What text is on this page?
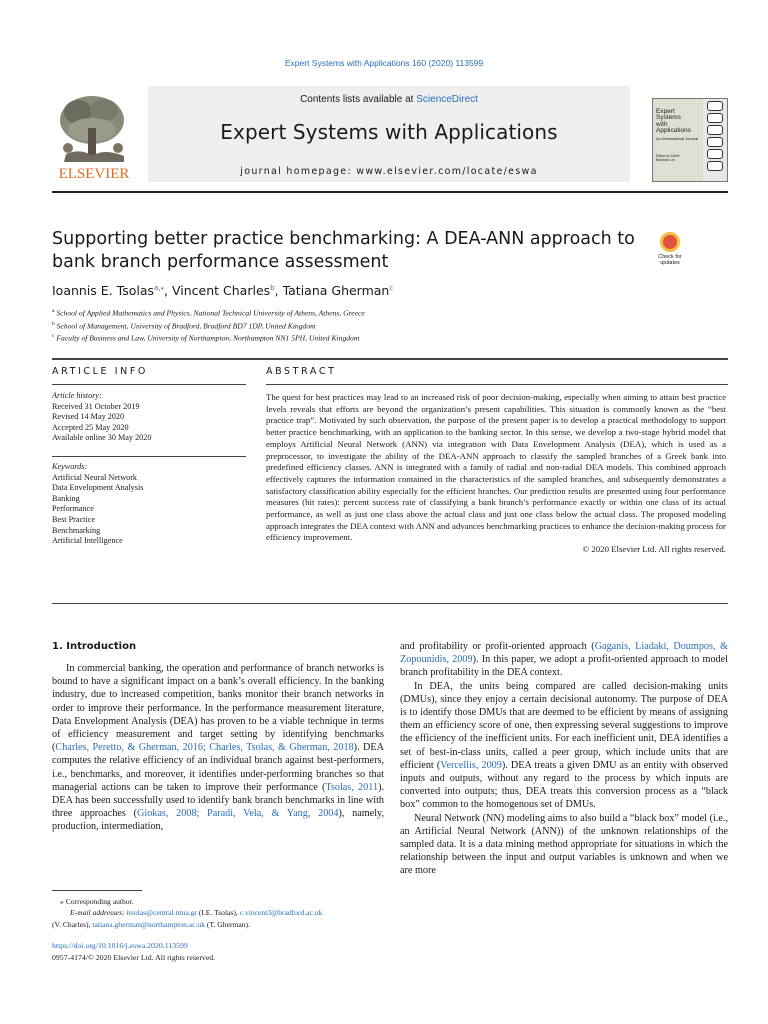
Expert Systems with Applications 160 (2020) 113599
ELSEVIER
Contents lists available at ScienceDirect
Expert Systems with Applications
journal homepage: www.elsevier.com/locate/eswa

Expert
Systems
with
Applications

An International Journal

Editor-in-Chief:
Binshan Lin

Supporting better practice benchmarking: A DEA-ANN approach to bank branch performance assessment	Check for updates
Ioannis E. Tsolas$^{a,⁎}$, Vincent Charles$^b$, Tatiana Gherman$^c$
$^a$ School of Applied Mathematics and Physics, National Technical University of Athens, Athens, Greece
$^b$ School of Management, University of Bradford, Bradford BD7 1DP, United Kingdom
$^c$ Faculty of Business and Law, University of Northampton, Northampton NN1 5PH, United Kingdom
ARTICLE INFO	ABSTRACT
Article history:
Received 31 October 2019
Revised 14 May 2020
Accepted 25 May 2020
Available online 30 May 2020
Keywords:
Artificial Neural Network
Data Envelopment Analysis
Banking
Performance
Best Practice
Benchmarking
Artificial Intelligence
The quest for best practices may lead to an increased risk of poor decision-making, especially when aiming to attain best practice levels reveals that efforts are beyond the organization’s present capabilities. This situation is commonly known as the “best practice trap”. Motivated by such observation, the purpose of the present paper is to develop a practical methodology to support better practice benchmarking, with an application to the banking sector. In this sense, we develop a two-stage hybrid model that employs Artificial Neural Network (ANN) via integration with Data Envelopment Analysis (DEA), which is used as a preprocessor, to investigate the ability of the DEA-ANN approach to classify the sampled branches of a Greek bank into predefined efficiency classes. ANN is integrated with a family of radial and non-radial DEA models. This combined approach effectively captures the information contained in the characteristics of the sampled branches, and subsequently demonstrates a satisfactory classification ability especially for the efficient branches. Our prediction results are presented using four performance measures (hit rates): percent success rate of classifying a bank branch’s performance exactly or within one class of its actual performance, as well as just one class above the actual class and just one class below the actual class. The proposed modeling approach integrates the DEA context with ANN and advances benchmarking practices to enhance the decision-making process for efficiency improvement.
© 2020 Elsevier Ltd. All rights reserved.
1. Introduction

In commercial banking, the operation and performance of branch networks is bound to have a significant impact on a bank’s overall efficiency. In the banking industry, due to increased competition, banks monitor their branch networks in order to improve their performance. In the performance measurement literature, Data Envelopment Analysis (DEA) has proven to be a viable technique in terms of efficiency measurement and target setting by identifying benchmarks (Charles, Peretto, & Gherman, 2016; Charles, Tsolas, & Gherman, 2018). DEA computes the relative efficiency of an individual branch against best-performers, i.e., benchmarks, and moreover, it identifies under-performing branches so that managerial actions can be taken to improve their performance (Tsolas, 2011). DEA has been successfully used to identify bank branch benchmarks in line with three approaches (Giokas, 2008; Paradi, Vela, & Yang, 2004), namely, production, intermediation,

and profitability or profit-oriented approach (Gaganis, Liadaki, Doumpos, & Zopounidis, 2009). In this paper, we adopt a profit-oriented approach to model branch profitability in the DEA context.

In DEA, the units being compared are called decision-making units (DMUs), since they enjoy a certain decisional autonomy. The purpose of DEA is to identify those DMUs that are deemed to be efficient by means of assigning them an efficiency score of one, then expressing several suggestions to improve the efficiency of the inefficient units. For each inefficient unit, DEA identifies a set of best-in-class units, called a peer group, which include units that are efficient (Vercellis, 2009). DEA treats a given DMU as an entity with observed inputs and outputs, without any regard to the process by which inputs are converted into outputs; thus, DEA treats this conversion process as a “black box” common to the homogenous set of DMUs.

Neural Network (NN) modeling aims to also build a “black box” model (i.e., an Artificial Neural Network (ANN)) of the unknown relationships of the sampled data. It is a data mining method appropriate for situations in which the relationship between the input and output variables is unknown and when we are more

⁎ Corresponding author.
E-mail addresses: itsolas@central.ntua.gr (I.E. Tsolas), c.vincent3@bradford.ac.uk
(V. Charles), tatiana.gherman@northampton.ac.uk (T. Gherman).
https://doi.org/10.1016/j.eswa.2020.113599
0957-4174/© 2020 Elsevier Ltd. All rights reserved.
